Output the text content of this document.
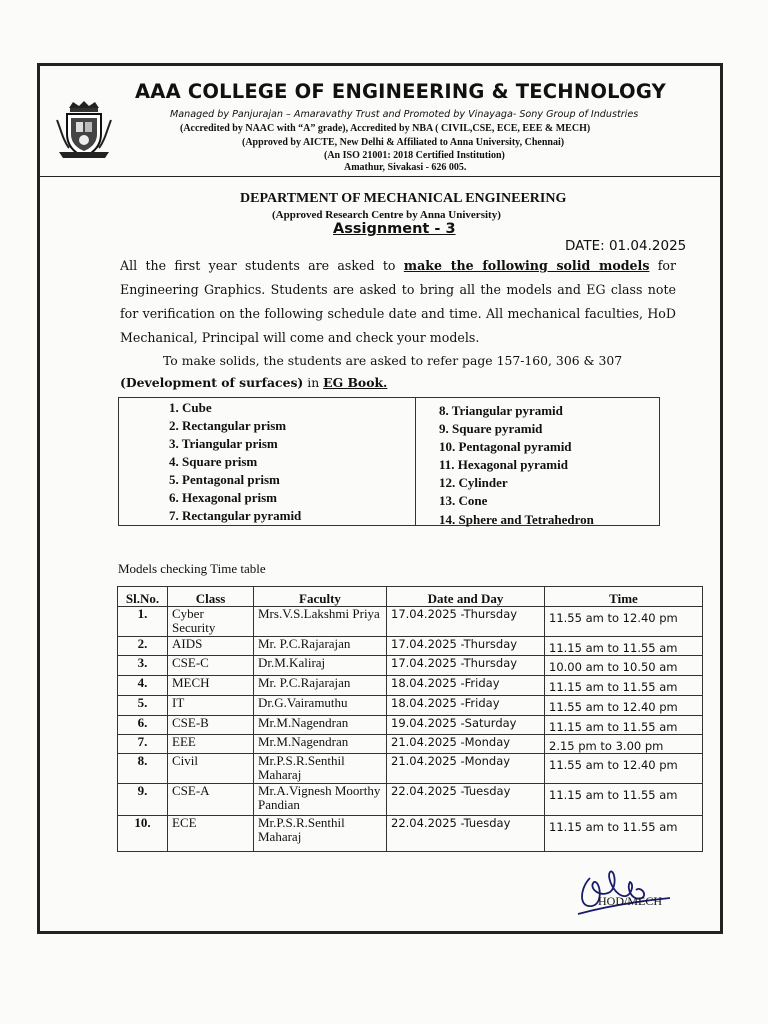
AAA COLLEGE OF ENGINEERING & TECHNOLOGY
Managed by Panjurajan – Amaravathy Trust and Promoted by Vinayaga- Sony Group of Industries
(Accredited by NAAC with “A” grade), Accredited by NBA ( CIVIL,CSE, ECE, EEE & MECH)
(Approved by AICTE, New Delhi & Affiliated to Anna University, Chennai)
(An ISO 21001: 2018 Certified Institution)
Amathur, Sivakasi - 626 005.
DEPARTMENT OF MECHANICAL ENGINEERING
(Approved Research Centre by Anna University)
Assignment - 3
DATE: 01.04.2025
All the first year students are asked to make the following solid models for Engineering Graphics. Students are asked to bring all the models and EG class note for verification on the following schedule date and time. All mechanical faculties, HoD Mechanical, Principal will come and check your models.
To make solids, the students are asked to refer page 157-160, 306 & 307 (Development of surfaces) in EG Book.
1. Cube
2. Rectangular prism
3. Triangular prism
4. Square prism
5. Pentagonal prism
6. Hexagonal prism
7. Rectangular pyramid
8. Triangular pyramid
9. Square pyramid
10. Pentagonal pyramid
11. Hexagonal pyramid
12. Cylinder
13. Cone
14. Sphere and Tetrahedron
Models checking Time table
Sl.No.	Class	Faculty	Date and Day	Time
1.	Cyber Security	Mrs.V.S.Lakshmi Priya	17.04.2025 -Thursday	11.55 am to 12.40 pm
2.	AIDS	Mr. P.C.Rajarajan	17.04.2025 -Thursday	11.15 am to 11.55 am
3.	CSE-C	Dr.M.Kaliraj	17.04.2025 -Thursday	10.00 am to 10.50 am
4.	MECH	Mr. P.C.Rajarajan	18.04.2025 -Friday	11.15 am to 11.55 am
5.	IT	Dr.G.Vairamuthu	18.04.2025 -Friday	11.55 am to 12.40 pm
6.	CSE-B	Mr.M.Nagendran	19.04.2025 -Saturday	11.15 am to 11.55 am
7.	EEE	Mr.M.Nagendran	21.04.2025 -Monday	2.15 pm to 3.00 pm
8.	Civil	Mr.P.S.R.Senthil Maharaj	21.04.2025 -Monday	11.55 am to 12.40 pm
9.	CSE-A	Mr.A.Vignesh Moorthy Pandian	22.04.2025 -Tuesday	11.15 am to 11.55 am
10.	ECE	Mr.P.S.R.Senthil Maharaj	22.04.2025 -Tuesday	11.15 am to 11.55 am
HOD/MECH
